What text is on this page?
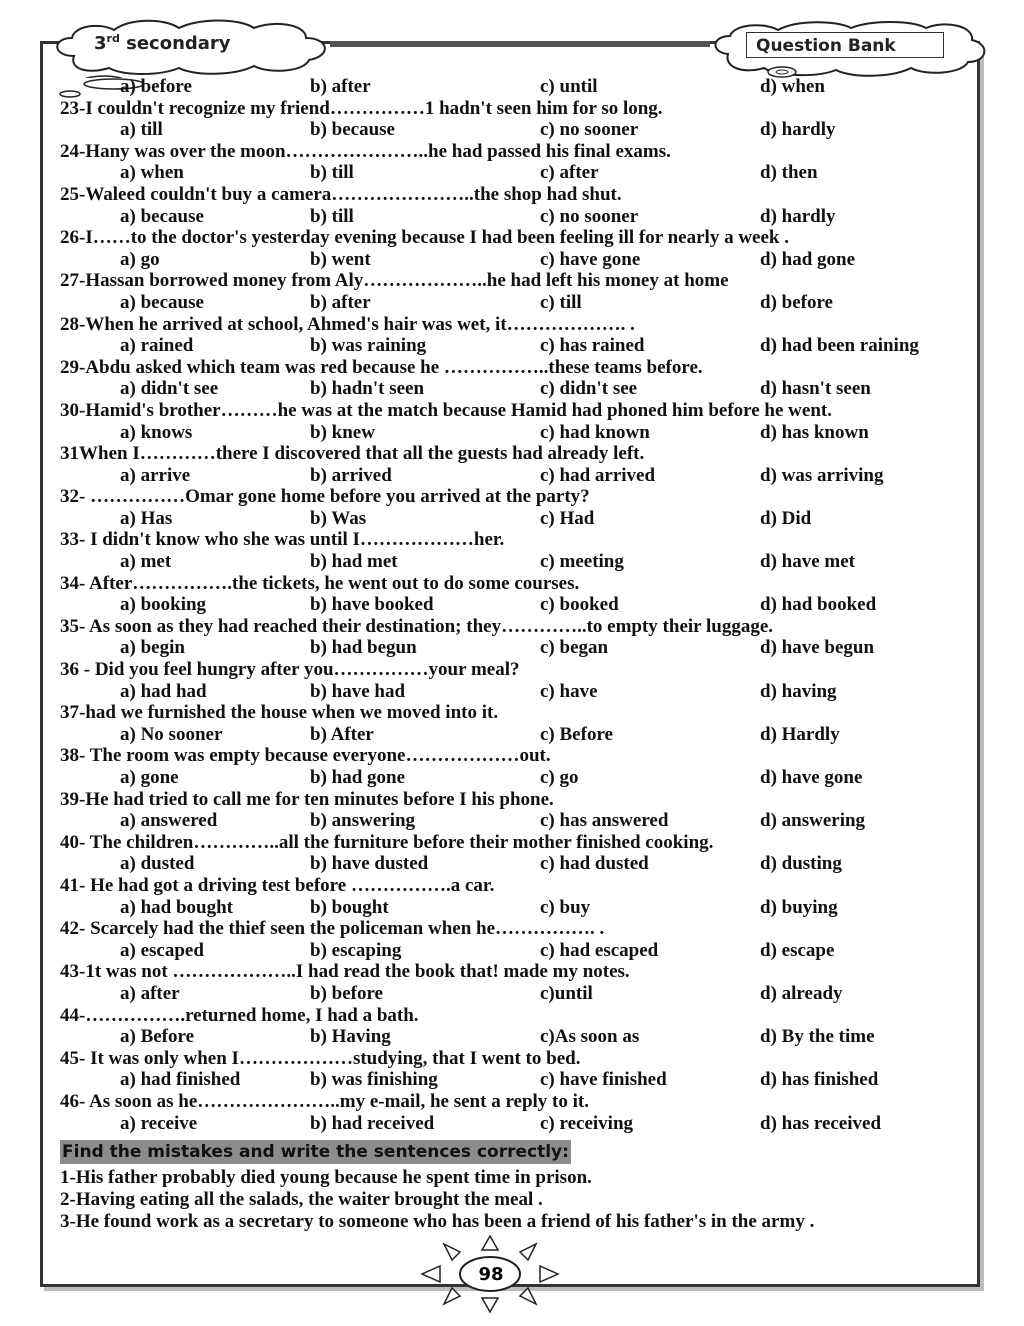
3rd secondary	Question Bank
a) before	b) after	c) until	d) when
23-I couldn't recognize my friend……………1 hadn't seen him for so long.
a) till	b) because	c) no sooner	d) hardly
24-Hany was over the moon…………………..he had passed his final exams.
a) when	b) till	c) after	d) then
25-Waleed couldn't buy a camera…………………..the shop had shut.
a) because	b) till	c) no sooner	d) hardly
26-I……to the doctor's yesterday evening because I had been feeling ill for nearly a week .
a) go	b) went	c) have gone	d) had gone
27-Hassan borrowed money from Aly………………..he had left his money at home
a) because	b) after	c) till	d) before
28-When he arrived at school, Ahmed's hair was wet, it………………. .
a) rained	b) was raining	c) has rained	d) had been raining
29-Abdu asked which team was red because he ……………..these teams before.
a) didn't see	b) hadn't seen	c) didn't see	d) hasn't seen
30-Hamid's brother………he was at the match because Hamid had phoned him before he went.
a) knows	b) knew	c) had known	d) has known
31When I…………there I discovered that all the guests had already left.
a) arrive	b) arrived	c) had arrived	d) was arriving
32- ……………Omar gone home before you arrived at the party?
a) Has	b) Was	c) Had	d) Did
33- I didn't know who she was until I………………her.
a) met	b) had met	c) meeting	d) have met
34- After…………….the tickets, he went out to do some courses.
a) booking	b) have booked	c) booked	d) had booked
35- As soon as they had reached their destination; they…………..to empty their luggage.
a) begin	b) had begun	c) began	d) have begun
36 - Did you feel hungry after you……………your meal?
a) had had	b) have had	c) have	d) having
37-had we furnished the house when we moved into it.
a) No sooner	b) After	c) Before	d) Hardly
38- The room was empty because everyone………………out.
a) gone	b) had gone	c) go	d) have gone
39-He had tried to call me for ten minutes before I his phone.
a) answered	b) answering	c) has answered	d) answering
40- The children…………..all the furniture before their mother finished cooking.
a) dusted	b) have dusted	c) had dusted	d) dusting
41- He had got a driving test before …………….a car.
a) had bought	b) bought	c) buy	d) buying
42- Scarcely had the thief seen the policeman when he……………. .
a) escaped	b) escaping	c) had escaped	d) escape
43-1t was not ………………..I had read the book that! made my notes.
a) after	b) before	c)until	d) already
44-…………….returned home, I had a bath.
a) Before	b) Having	c)As soon as	d) By the time
45- It was only when I………………studying, that I went to bed.
a) had finished	b) was finishing	c) have finished	d) has finished
46- As soon as he…………………..my e-mail, he sent a reply to it.
a) receive	b) had received	c) receiving	d) has received
Find the mistakes and write the sentences correctly:
1-His father probably died young because he spent time in prison.
2-Having eating all the salads, the waiter brought the meal .
3-He found work as a secretary to someone who has been a friend of his father's in the army .
98
